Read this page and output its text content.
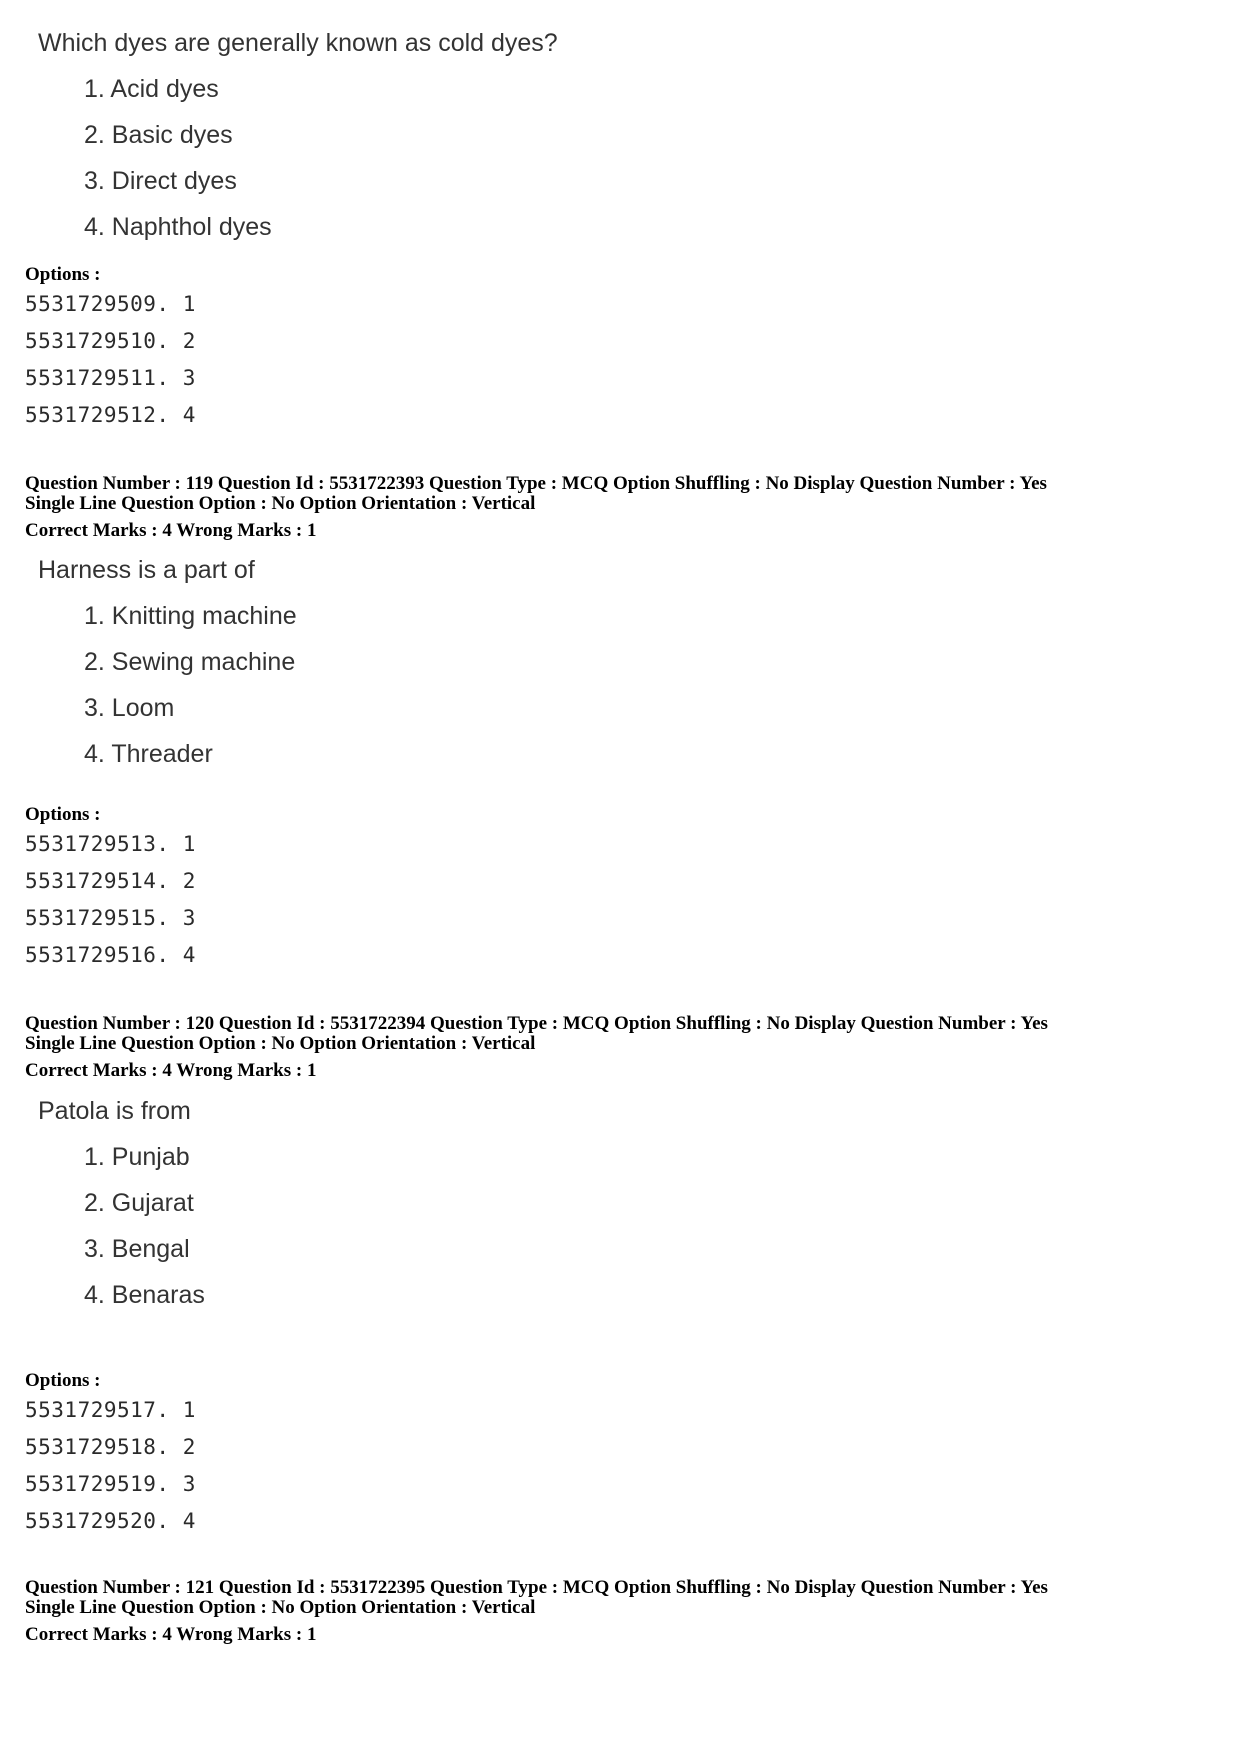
Which dyes are generally known as cold dyes?

1. Acid dyes
2. Basic dyes
3. Direct dyes
4. Naphthol dyes

Options :

5531729509. 1
5531729510. 2
5531729511. 3
5531729512. 4
Question Number : 119 Question Id : 5531722393 Question Type : MCQ Option Shuffling : No Display Question Number : Yes
Single Line Question Option : No Option Orientation : Vertical
Correct Marks : 4 Wrong Marks : 1

Harness is a part of

1. Knitting machine
2. Sewing machine
3. Loom
4. Threader

Options :

5531729513. 1
5531729514. 2
5531729515. 3
5531729516. 4
Question Number : 120 Question Id : 5531722394 Question Type : MCQ Option Shuffling : No Display Question Number : Yes
Single Line Question Option : No Option Orientation : Vertical
Correct Marks : 4 Wrong Marks : 1

Patola is from

1. Punjab
2. Gujarat
3. Bengal
4. Benaras

Options :

5531729517. 1
5531729518. 2
5531729519. 3
5531729520. 4
Question Number : 121 Question Id : 5531722395 Question Type : MCQ Option Shuffling : No Display Question Number : Yes
Single Line Question Option : No Option Orientation : Vertical
Correct Marks : 4 Wrong Marks : 1
